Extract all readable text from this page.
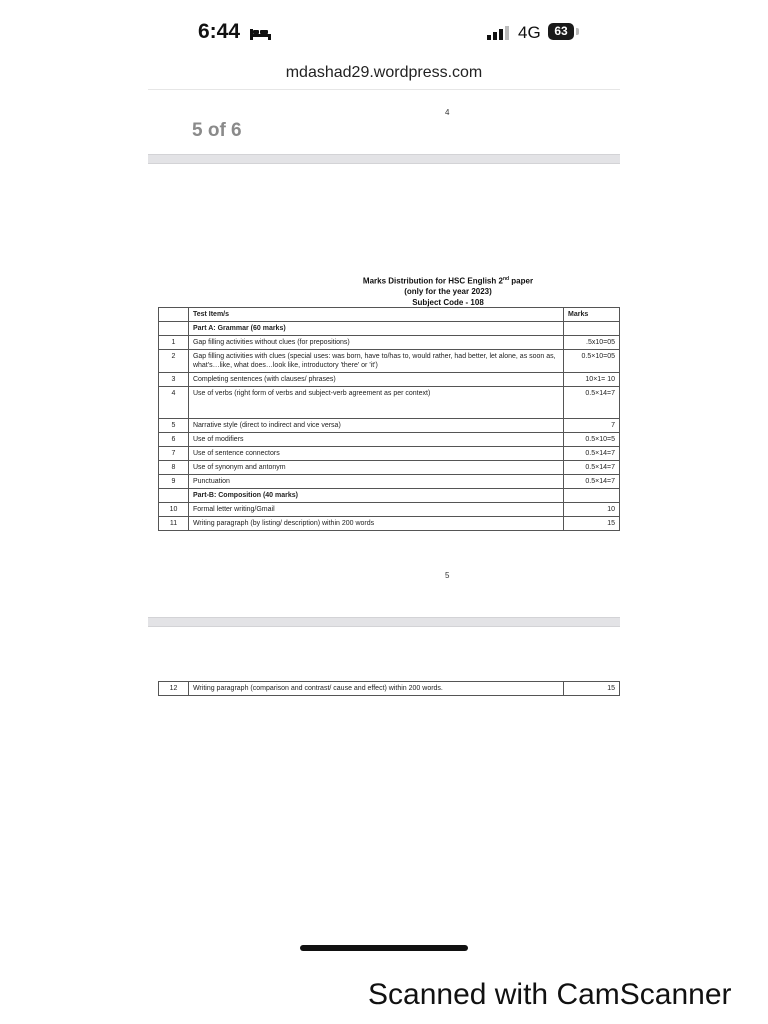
6:44	4G	63
mdashad29.wordpress.com
4
5 of 6
Marks Distribution for HSC English 2nd paper
(only for the year 2023)
Subject Code - 108
	Test Item/s	Marks
	Part A: Grammar (60 marks)	
1	Gap filling activities without clues (for prepositions)	.5x10=05
2	Gap filling activities with clues (special uses: was born, have to/has to, would rather, had better, let alone, as soon as, what's…like, what does…look like, introductory 'there' or 'it')	0.5×10=05
3	Completing sentences (with clauses/ phrases)	10×1= 10
4	Use of verbs (right form of verbs and subject-verb agreement as per context)	0.5×14=7
5	Narrative style (direct to indirect and vice versa)	7
6	Use of modifiers	0.5×10=5
7	Use of sentence connectors	0.5×14=7
8	Use of synonym and antonym	0.5×14=7
9	Punctuation	0.5×14=7
	Part-B: Composition (40 marks)	
10	Formal letter writing/Gmail	10
11	Writing paragraph (by listing/ description) within 200 words	15
5
12	Writing paragraph (comparison and contrast/ cause and effect) within 200 words.	15
Scanned with CamScanner
